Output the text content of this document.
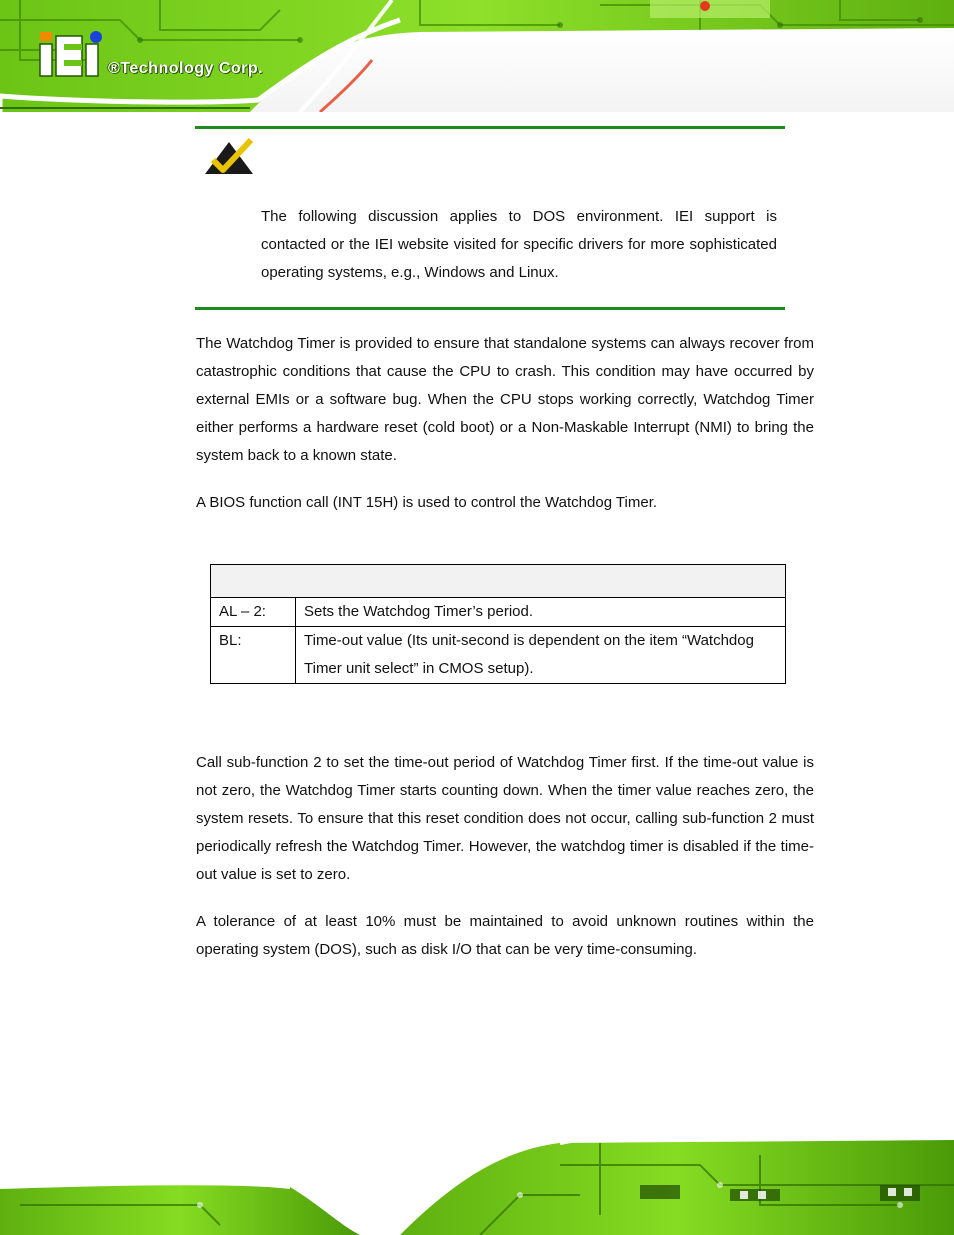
®Technology Corp.
The following discussion applies to DOS environment. IEI support is contacted or the IEI website visited for specific drivers for more sophisticated operating systems, e.g., Windows and Linux.

The Watchdog Timer is provided to ensure that standalone systems can always recover from catastrophic conditions that cause the CPU to crash. This condition may have occurred by external EMIs or a software bug. When the CPU stops working correctly, Watchdog Timer either performs a hardware reset (cold boot) or a Non-Maskable Interrupt (NMI) to bring the system back to a known state.

A BIOS function call (INT 15H) is used to control the Watchdog Timer.

AL – 2:	Sets the Watchdog Timer’s period.
BL:	Time-out value (Its unit-second is dependent on the item “Watchdog Timer unit select” in CMOS setup).

Call sub-function 2 to set the time-out period of Watchdog Timer first. If the time-out value is not zero, the Watchdog Timer starts counting down. When the timer value reaches zero, the system resets. To ensure that this reset condition does not occur, calling sub-function 2 must periodically refresh the Watchdog Timer. However, the watchdog timer is disabled if the time-out value is set to zero.

A tolerance of at least 10% must be maintained to avoid unknown routines within the operating system (DOS), such as disk I/O that can be very time-consuming.
